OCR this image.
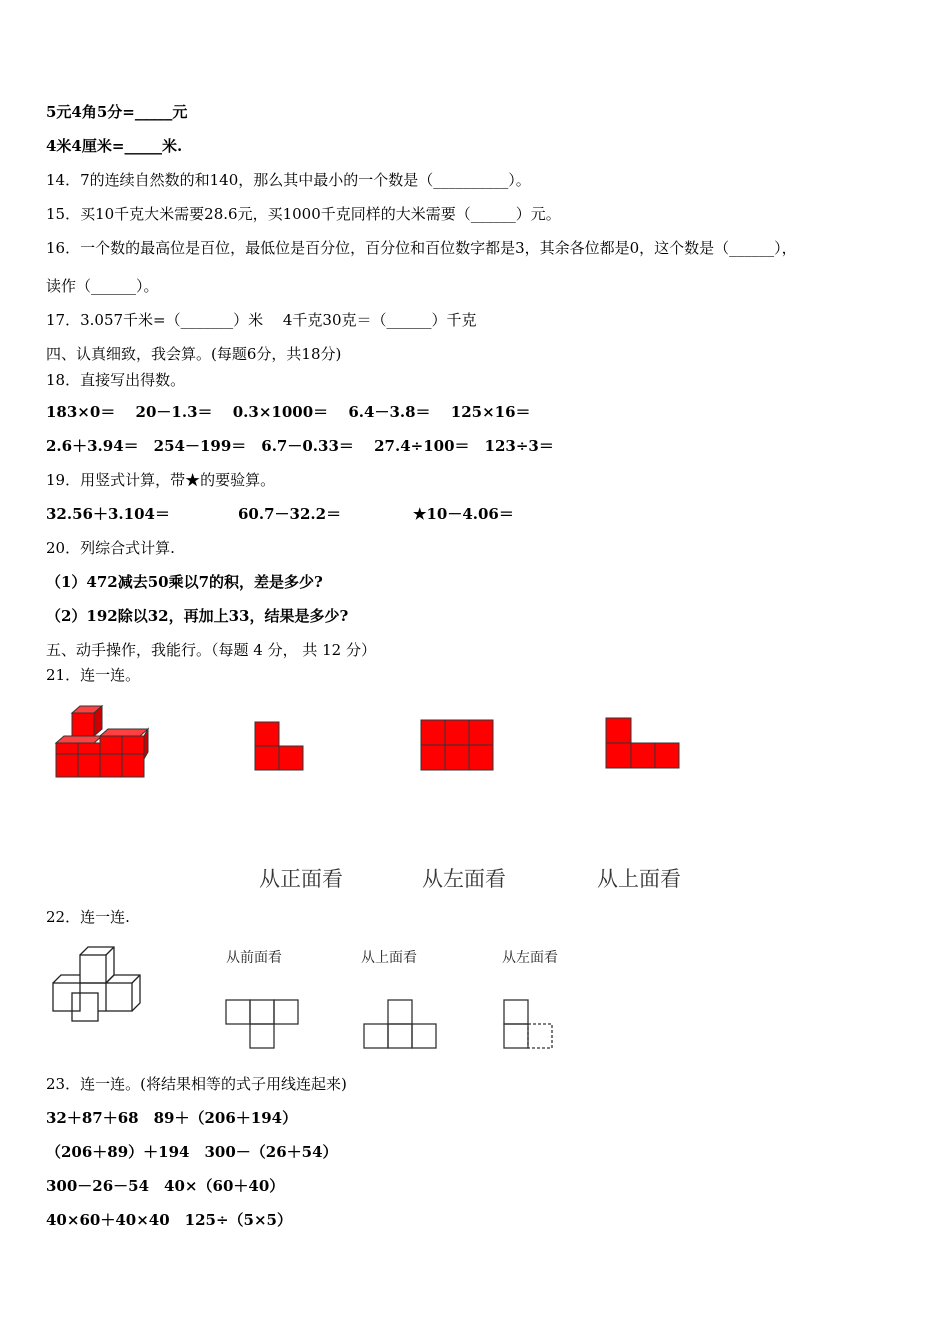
5元4角5分=_____元
4米4厘米=_____米.
14．7的连续自然数的和140，那么其中最小的一个数是（__________）。
15．买10千克大米需要28.6元，买1000千克同样的大米需要（______）元。
16．一个数的最高位是百位，最低位是百分位，百分位和百位数字都是3，其余各位都是0，这个数是（______），
读作（______）。
17．3.057千米=（_______）米　 4千克30克＝（______）千克
四、认真细致，我会算。(每题6分，共18分)
18．直接写出得数。
183×0＝　 20－1.3＝　 0.3×1000＝　 6.4－3.8＝　 125×16＝
2.6＋3.94＝　254－199＝　6.7－0.33＝　 27.4÷100＝　123÷3＝
19．用竖式计算，带★的要验算。
32.56＋3.104＝	60.7－32.2＝	★10－4.06＝
20．列综合式计算.
（1）472减去50乘以7的积，差是多少?
（2）192除以32，再加上33，结果是多少?
五、动手操作，我能行。（每题 4 分， 共 12 分）
21．连一连。
从正面看	从左面看	从上面看
22．连一连.
从前面看	从上面看	从左面看
23．连一连。(将结果相等的式子用线连起来)
32＋87＋68　89＋（206＋194）
（206＋89）＋194　300－（26＋54）
300－26－54　40×（60＋40）
40×60＋40×40　125÷（5×5）
